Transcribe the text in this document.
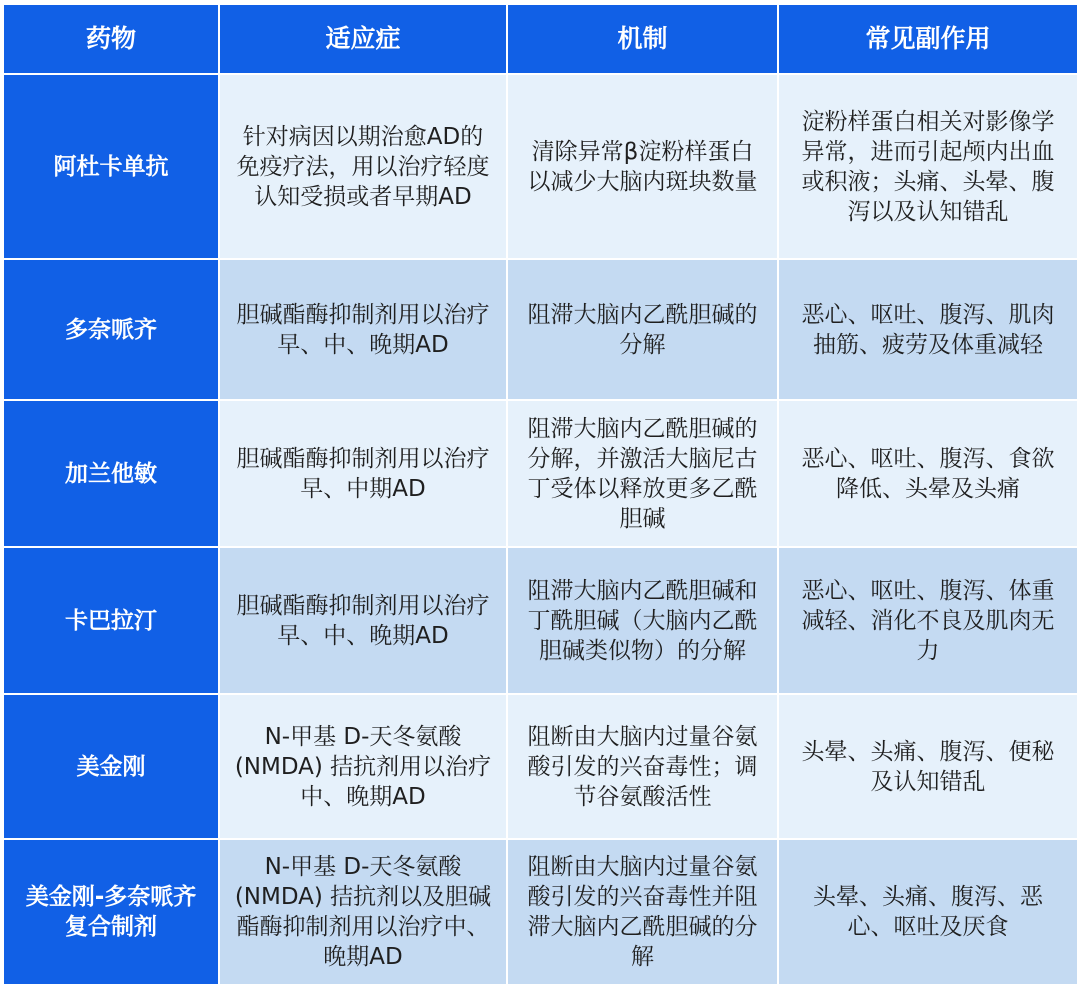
药物	适应症	机制	常见副作用
阿杜卡单抗	针对病因以期治愈AD的免疫疗法，用以治疗轻度认知受损或者早期AD	清除异常β淀粉样蛋白以减少大脑内斑块数量	淀粉样蛋白相关对影像学异常，进而引起颅内出血或积液；头痛、头晕、腹泻以及认知错乱
多奈哌齐	胆碱酯酶抑制剂用以治疗早、中、晚期AD	阻滞大脑内乙酰胆碱的分解	恶心、呕吐、腹泻、肌肉抽筋、疲劳及体重减轻
加兰他敏	胆碱酯酶抑制剂用以治疗早、中期AD	阻滞大脑内乙酰胆碱的分解，并激活大脑尼古丁受体以释放更多乙酰胆碱	恶心、呕吐、腹泻、食欲降低、头晕及头痛
卡巴拉汀	胆碱酯酶抑制剂用以治疗早、中、晚期AD	阻滞大脑内乙酰胆碱和丁酰胆碱（大脑内乙酰胆碱类似物）的分解	恶心、呕吐、腹泻、体重减轻、消化不良及肌肉无力
美金刚	N-甲基 D-天冬氨酸(NMDA) 拮抗剂用以治疗中、晚期AD	阻断由大脑内过量谷氨酸引发的兴奋毒性；调节谷氨酸活性	头晕、头痛、腹泻、便秘及认知错乱
美金刚-多奈哌齐复合制剂	N-甲基 D-天冬氨酸(NMDA) 拮抗剂以及胆碱酯酶抑制剂用以治疗中、晚期AD	阻断由大脑内过量谷氨酸引发的兴奋毒性并阻滞大脑内乙酰胆碱的分解	头晕、头痛、腹泻、恶心、呕吐及厌食
